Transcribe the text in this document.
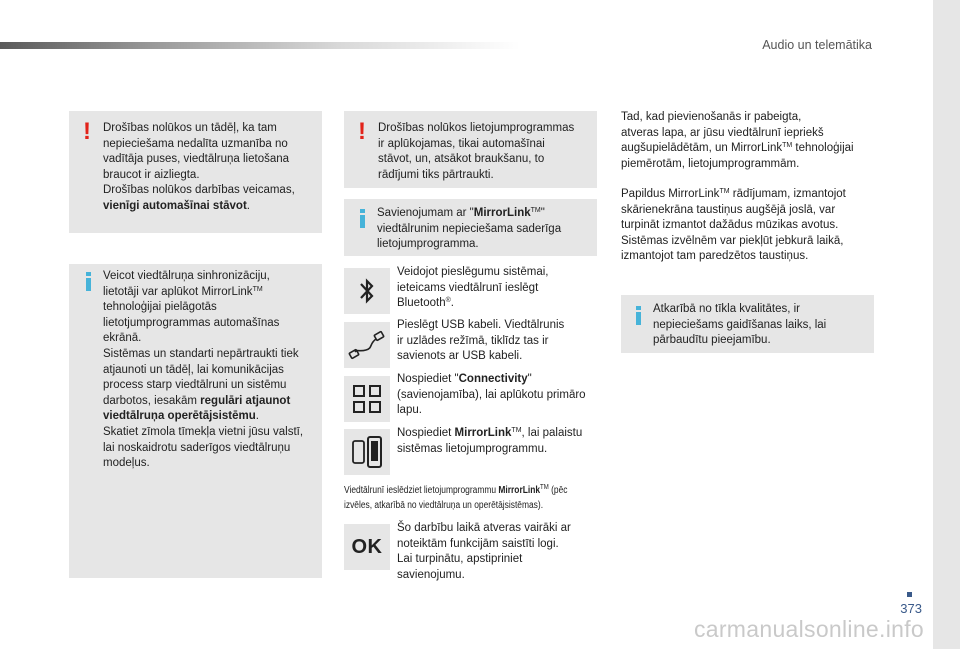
Audio un telemātika
373
carmanualsonline.info
! Drošības nolūkos un tādēļ, ka tam
nepieciešama nedalīta uzmanība no
vadītāja puses, viedtālruņa lietošana
braucot ir aizliegta.
Drošības nolūkos darbības veicamas,
vienīgi automašīnai stāvot.
Veicot viedtālruņa sinhronizāciju,
lietotāji var aplūkot MirrorLink™
tehnoloģijai pielāgotās
lietotjumprogrammas automašīnas
ekrānā.
Sistēmas un standarti nepārtraukti tiek
atjaunoti un tādēļ, lai komunikācijas
process starp viedtālruni un sistēmu
darbotos, iesakām regulāri atjaunot
viedtālruņa operētājsistēmu.
Skatiet zīmola tīmekļa vietni jūsu valstī,
lai noskaidrotu saderīgos viedtālruņu
modeļus.
! Drošības nolūkos lietojumprogrammas
ir aplūkojamas, tikai automašīnai
stāvot, un, atsākot braukšanu, to
rādījumi tiks pārtraukti.
Savienojumam ar "MirrorLink™"
viedtālrunim nepieciešama saderīga
lietojumprogramma.
Veidojot pieslēgumu sistēmai,
ieteicams viedtālrunī ieslēgt
Bluetooth®.
Pieslēgt USB kabeli. Viedtālrunis
ir uzlādes režīmā, tiklīdz tas ir
savienots ar USB kabeli.
Nospiediet "Connectivity"
(savienojamība), lai aplūkotu primāro
lapu.
Nospiediet MirrorLink™, lai palaistu
sistēmas lietojumprogrammu.
Viedtālrunī ieslēdziet lietojumprogrammu MirrorLink™ (pēc
izvēles, atkarībā no viedtālruņa un operētājsistēmas).
OK
Šo darbību laikā atveras vairāki ar
noteiktām funkcijām saistīti logi.
Lai turpinātu, apstipriniet
savienojumu.
Tad, kad pievienošanās ir pabeigta,
atveras lapa, ar jūsu viedtālrunī iepriekš
augšupielādētām, un MirrorLink™ tehnoloģijai
piemērotām, lietojumprogrammām.
Papildus MirrorLink™ rādījumam, izmantojot
skārienekrāna taustiņus augšējā joslā, var
turpināt izmantot dažādus mūzikas avotus.
Sistēmas izvēlnēm var piekļūt jebkurā laikā,
izmantojot tam paredzētos taustiņus.
Atkarībā no tīkla kvalitātes, ir
nepieciešams gaidīšanas laiks, lai
pārbaudītu pieejamību.
